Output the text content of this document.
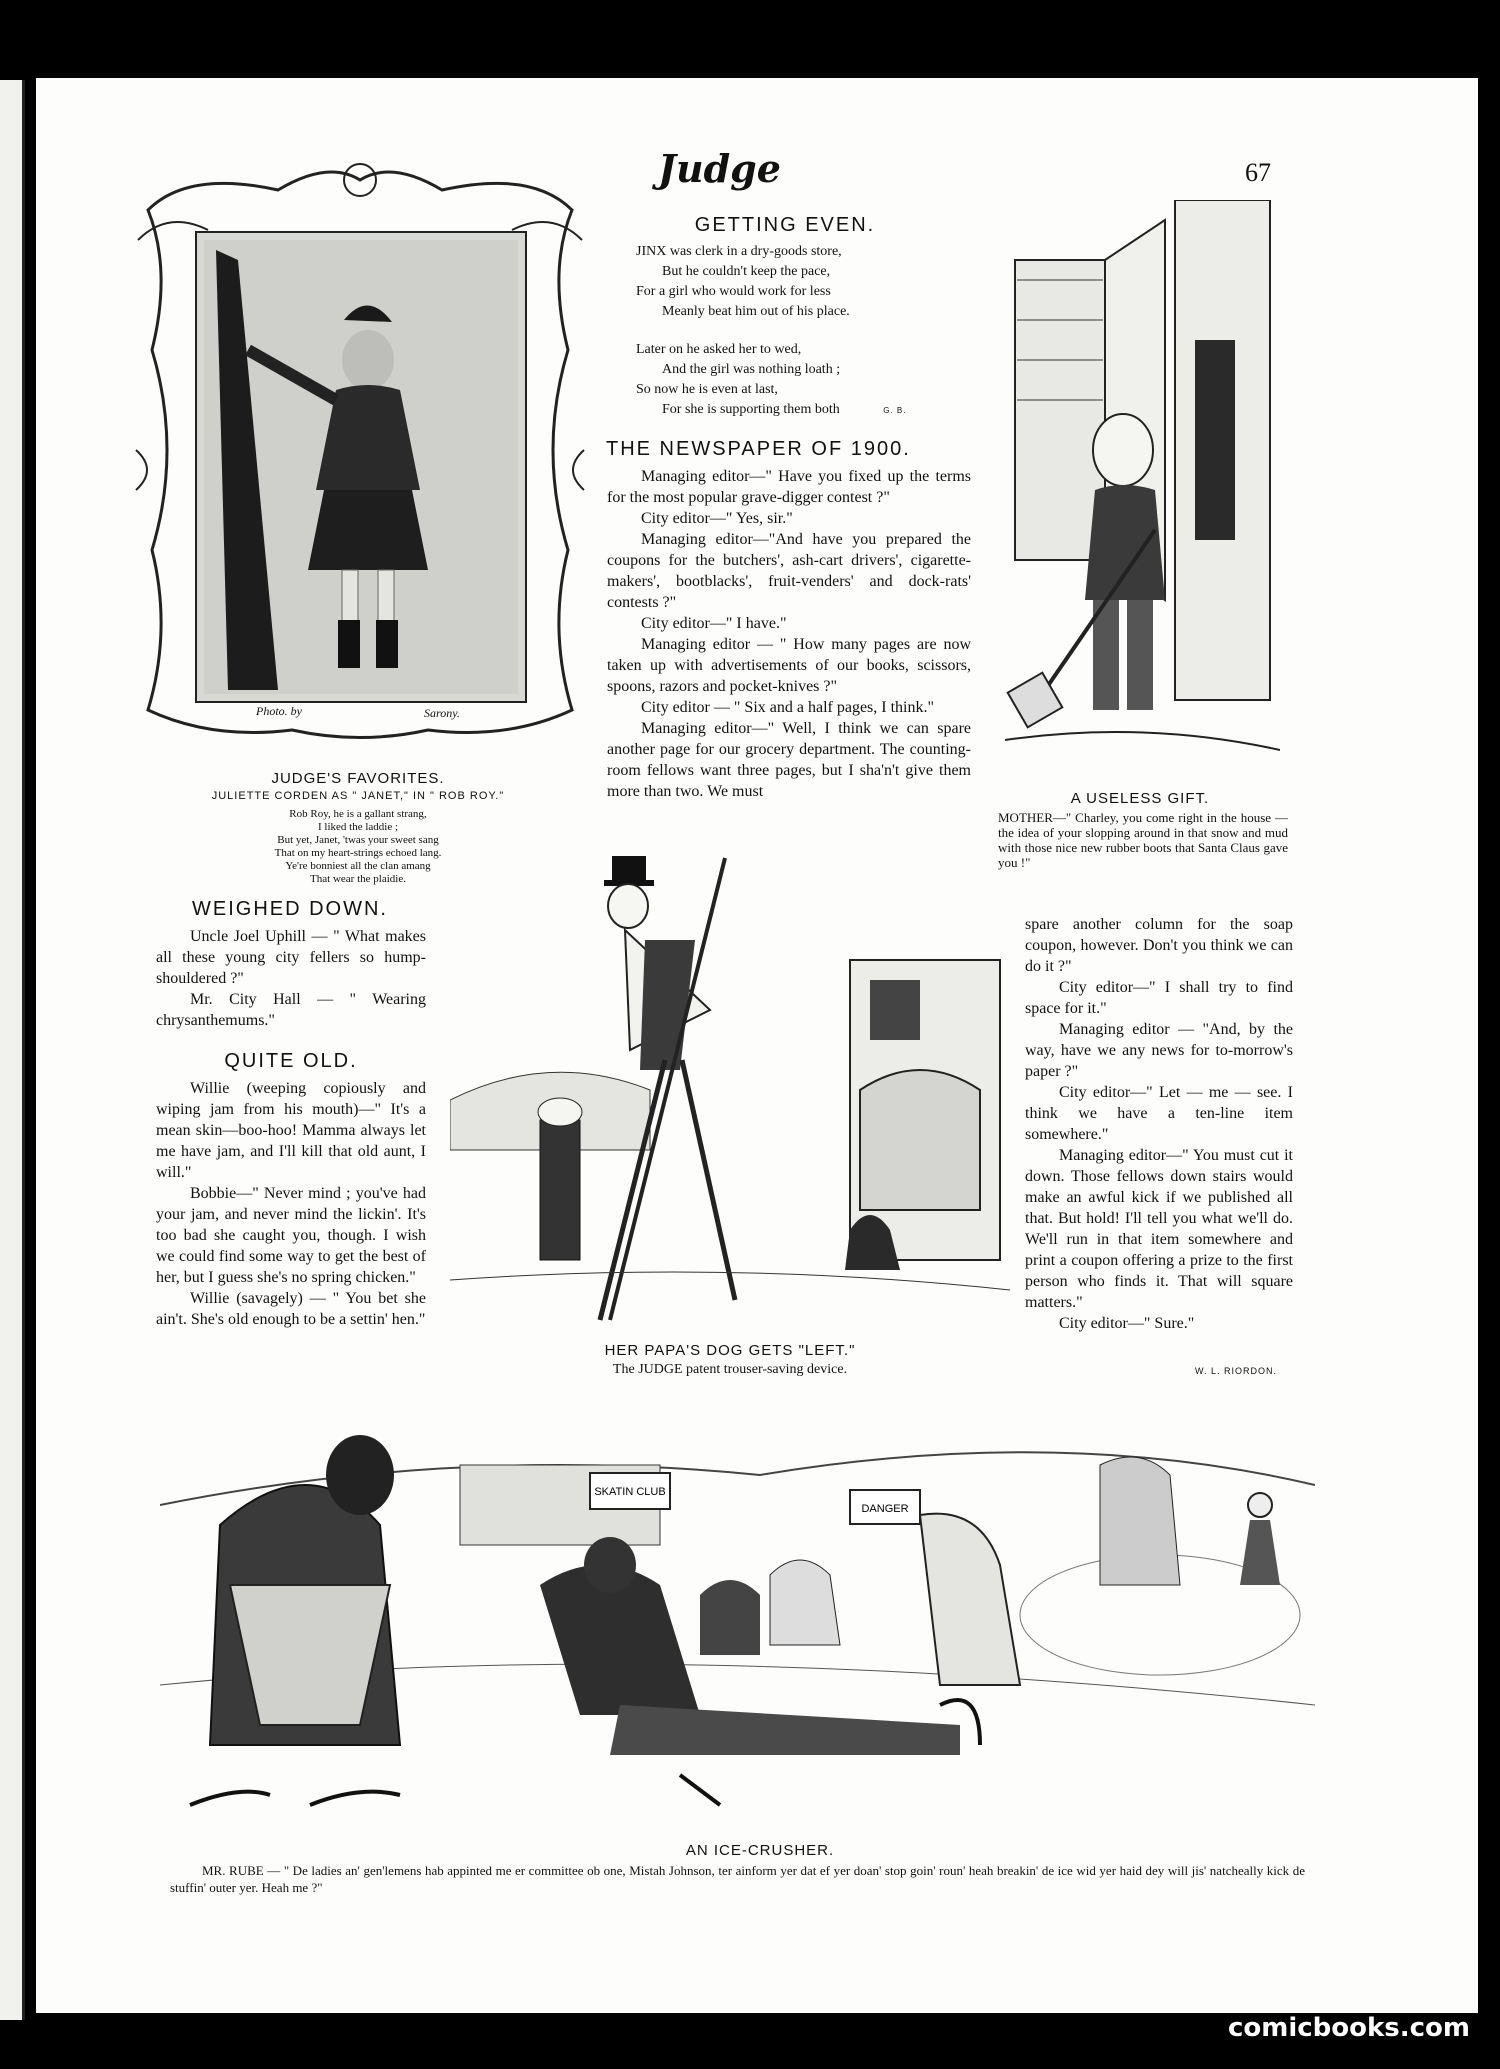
Judge	67
Photo. by	Sarony.
JUDGE'S FAVORITES.
JULIETTE CORDEN AS " JANET," IN " ROB ROY."
Rob Roy, he is a gallant strang,
I liked the laddie ;
But yet, Janet, 'twas your sweet sang
That on my heart-strings echoed lang.
Ye're bonniest all the clan amang
That wear the plaidie.
GETTING EVEN.
JINX was clerk in a dry-goods store,
But he couldn't keep the pace,
For a girl who would work for less
Meanly beat him out of his place.
Later on he asked her to wed,
And the girl was nothing loath ;
So now he is even at last,
For she is supporting them both	G. B.
THE NEWSPAPER OF 1900.

Managing editor—" Have you fixed up the terms for the most popular grave-digger contest ?"

City editor—" Yes, sir."

Managing editor—"And have you prepared the coupons for the butchers', ash-cart drivers', cigarette-makers', bootblacks', fruit-venders' and dock-rats' contests ?"

City editor—" I have."

Managing editor — " How many pages are now taken up with advertisements of our books, scissors, spoons, razors and pocket-knives ?"

City editor — " Six and a half pages, I think."

Managing editor—" Well, I think we can spare another page for our grocery department. The counting-room fellows want three pages, but I sha'n't give them more than two. We must	A USELESS GIFT.
MOTHER—" Charley, you come right in the house — the idea of your slopping around in that snow and mud with those nice new rubber boots that Santa Claus gave you !"
WEIGHED DOWN.

Uncle Joel Uphill — " What makes all these young city fellers so hump-shouldered ?"

Mr. City Hall — " Wearing chrysanthemums."

QUITE OLD.

Willie (weeping copiously and wiping jam from his mouth)—" It's a mean skin—boo-hoo! Mamma always let me have jam, and I'll kill that old aunt, I will."

Bobbie—" Never mind ; you've had your jam, and never mind the lickin'. It's too bad she caught you, though. I wish we could find some way to get the best of her, but I guess she's no spring chicken."

Willie (savagely) — " You bet she ain't. She's old enough to be a settin' hen."

HER PAPA'S DOG GETS "LEFT."
The JUDGE patent trouser-saving device.

spare another column for the soap coupon, however. Don't you think we can do it ?"

City editor—" I shall try to find space for it."

Managing editor — "And, by the way, have we any news for to-morrow's paper ?"

City editor—" Let — me — see. I think we have a ten-line item somewhere."

Managing editor—" You must cut it down. Those fellows down stairs would make an awful kick if we published all that. But hold! I'll tell you what we'll do. We'll run in that item somewhere and print a coupon offering a prize to the first person who finds it. That will square matters."

City editor—" Sure."

W. L. RIORDON.
SKATIN CLUB
DANGER
AN ICE-CRUSHER.
MR. RUBE — " De ladies an' gen'lemens hab appinted me er committee ob one, Mistah Johnson, ter ainform yer dat ef yer doan' stop goin' roun' heah breakin' de ice wid yer haid dey will jis' natcheally kick de stuffin' outer yer. Heah me ?"
comicbooks.com
